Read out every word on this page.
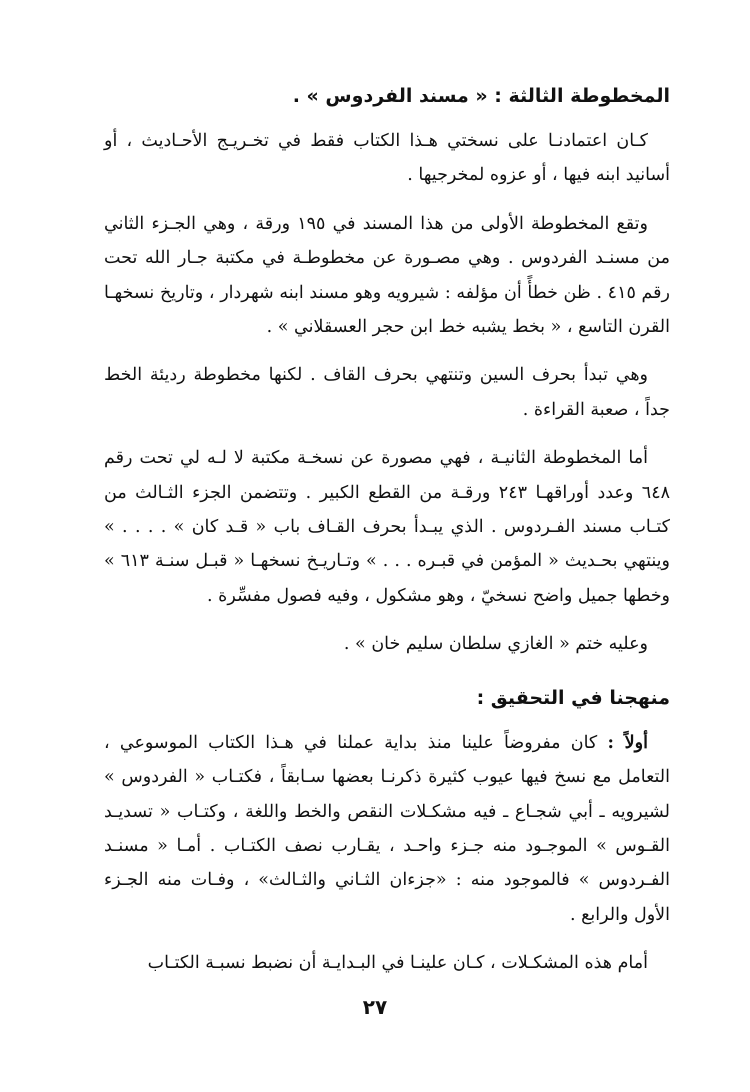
المخطوطة الثالثة : « مسند الفردوس » .

كـان اعتمادنـا على نسختي هـذا الكتاب فقط في تخـريـج الأحـاديث ، أو أسانيد ابنه فيها ، أو عزوه لمخرجيها .

وتقع المخطوطة الأولى من هذا المسند في ١٩٥ ورقة ، وهي الجـزء الثاني من مسنـد الفردوس . وهي مصـورة عن مخطوطـة في مكتبة جـار الله تحت رقم ٤١٥ . ظن خطأً أن مؤلفه : شيرويه وهو مسند ابنه شهردار ، وتاريخ نسخهـا القرن التاسع ، « بخط يشبه خط ابن حجر العسقلاني » .

وهي تبدأ بحرف السين وتنتهي بحرف القاف . لكنها مخطوطة رديئة الخط جداً ، صعبة القراءة .

أما المخطوطة الثانيـة ، فهي مصورة عن نسخـة مكتبة لا لـه لي تحت رقم ٦٤٨ وعدد أوراقهـا ٢٤٣ ورقـة من القطع الكبير . وتتضمن الجزء الثـالث من كتـاب مسند الفـردوس . الذي يبـدأ بحرف القـاف باب « قـد كان » . . . . » وينتهي بحـديث « المؤمن في قبـره . . . » وتـاريـخ نسخهـا « قبـل سنـة ٦١٣ » وخطها جميل واضح نسخيّ ، وهو مشكول ، وفيه فصول مفسِّرة .

وعليه ختم « الغازي سلطان سليم خان » .

منهجنا في التحقيق :

أولاً : كان مفروضاً علينا منذ بداية عملنا في هـذا الكتاب الموسوعي ، التعامل مع نسخ فيها عيوب كثيرة ذكرنـا بعضها سـابقاً ، فكتـاب « الفردوس » لشيرويه ـ أبي شجـاع ـ فيه مشكـلات النقص والخط واللغة ، وكتـاب « تسديـد القـوس » الموجـود منه جـزء واحـد ، يقـارب نصف الكتـاب . أمـا « مسنـد الفـردوس » فالموجود منه : «جزءان الثـاني والثـالث» ، وفـات منه الجـزء الأول والرابع .

أمام هذه المشكـلات ، كـان علينـا في البـدايـة أن نضبط نسبـة الكتـاب

٢٧
